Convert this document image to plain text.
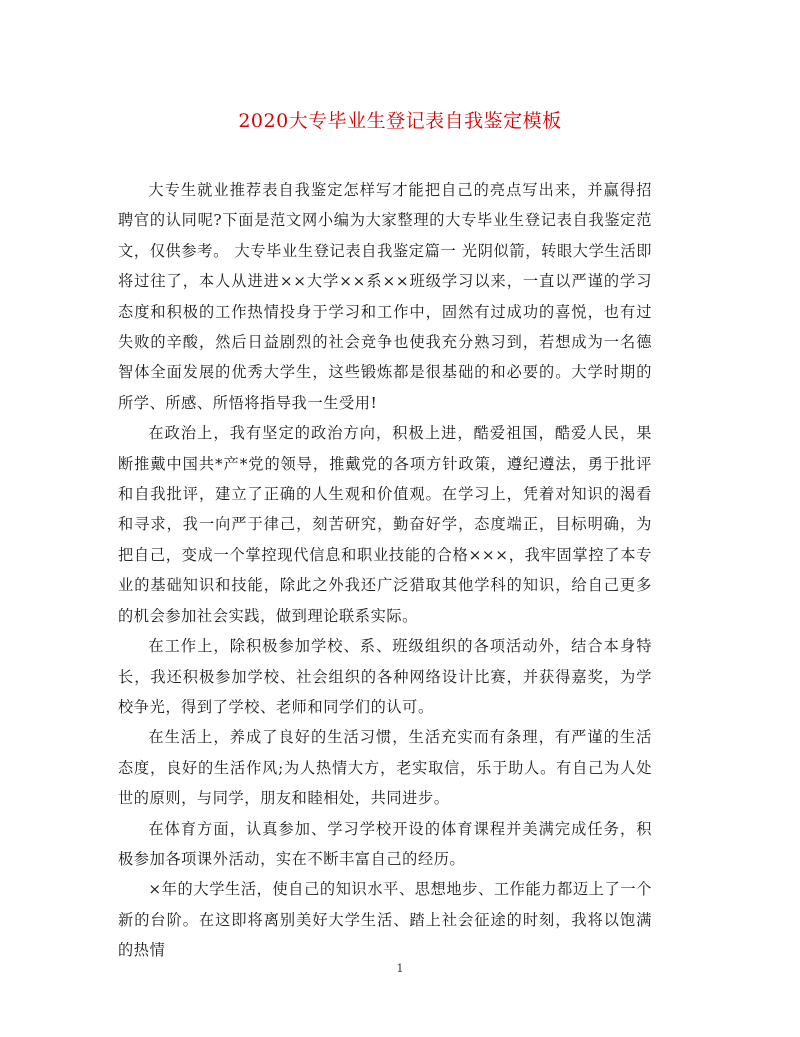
2020大专毕业生登记表自我鉴定模板

大专生就业推荐表自我鉴定怎样写才能把自己的亮点写出来，并赢得招聘官的认同呢?下面是范文网小编为大家整理的大专毕业生登记表自我鉴定范文，仅供参考。 大专毕业生登记表自我鉴定篇一 光阴似箭，转眼大学生活即将过往了，本人从进进××大学××系××班级学习以来，一直以严谨的学习态度和积极的工作热情投身于学习和工作中，固然有过成功的喜悦，也有过失败的辛酸，然后日益剧烈的社会竞争也使我充分熟习到，若想成为一名德智体全面发展的优秀大学生，这些锻炼都是很基础的和必要的。大学时期的所学、所感、所悟将指导我一生受用!

在政治上，我有坚定的政治方向，积极上进，酷爱祖国，酷爱人民，果断推戴中国共*产*党的领导，推戴党的各项方针政策，遵纪遵法，勇于批评和自我批评，建立了正确的人生观和价值观。在学习上，凭着对知识的渴看和寻求，我一向严于律己，刻苦研究，勤奋好学，态度端正，目标明确，为把自己，变成一个掌控现代信息和职业技能的合格×××，我牢固掌控了本专业的基础知识和技能，除此之外我还广泛猎取其他学科的知识，给自己更多的机会参加社会实践，做到理论联系实际。

在工作上，除积极参加学校、系、班级组织的各项活动外，结合本身特长，我还积极参加学校、社会组织的各种网络设计比赛，并获得嘉奖，为学校争光，得到了学校、老师和同学们的认可。

在生活上，养成了良好的生活习惯，生活充实而有条理，有严谨的生活态度，良好的生活作风;为人热情大方，老实取信，乐于助人。有自己为人处世的原则，与同学，朋友和睦相处，共同进步。

在体育方面，认真参加、学习学校开设的体育课程并美满完成任务，积极参加各项课外活动，实在不断丰富自己的经历。

×年的大学生活，使自己的知识水平、思想地步、工作能力都迈上了一个新的台阶。在这即将离别美好大学生活、踏上社会征途的时刻，我将以饱满的热情

1
